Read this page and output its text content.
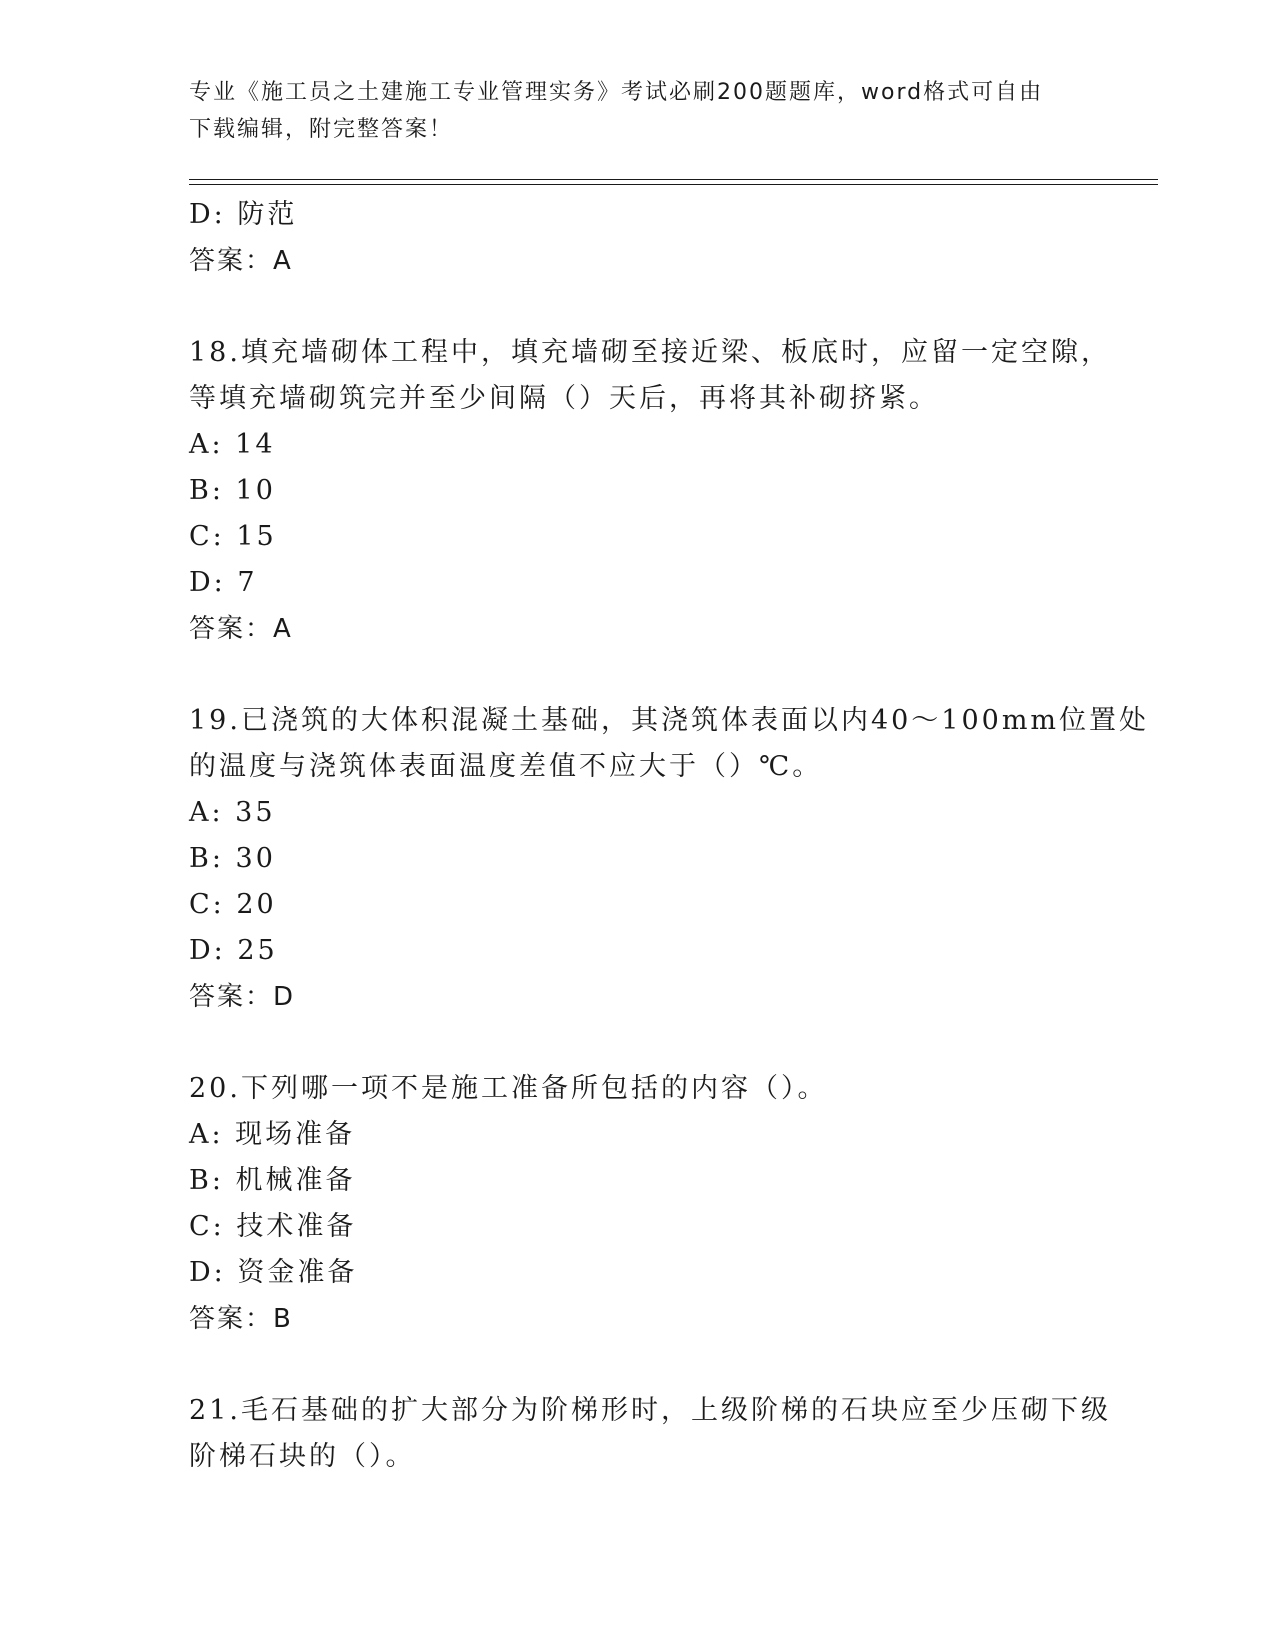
专业《施工员之土建施工专业管理实务》考试必刷200题题库，word格式可自由
下载编辑，附完整答案！
D: 防范
答案：A
18.填充墙砌体工程中，填充墙砌至接近梁、板底时，应留一定空隙，
等填充墙砌筑完并至少间隔（）天后，再将其补砌挤紧。
A: 14
B: 10
C: 15
D: 7
答案：A
19.已浇筑的大体积混凝土基础，其浇筑体表面以内40～100mm位置处
的温度与浇筑体表面温度差值不应大于（）℃。
A: 35
B: 30
C: 20
D: 25
答案：D
20.下列哪一项不是施工准备所包括的内容（）。
A: 现场准备
B: 机械准备
C: 技术准备
D: 资金准备
答案：B
21.毛石基础的扩大部分为阶梯形时，上级阶梯的石块应至少压砌下级
阶梯石块的（）。
